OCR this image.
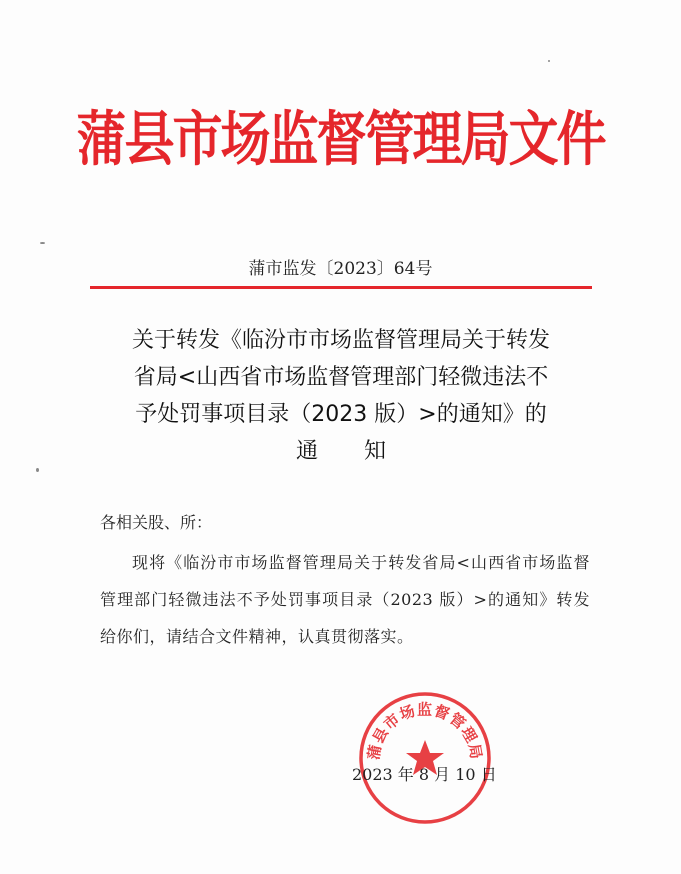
蒲县市场监督管理局文件
蒲市监发〔2023〕64号
关于转发《临汾市市场监督管理局关于转发
省局<山西省市场监督管理部门轻微违法不
予处罚事项目录（2023 版）>的通知》的
通知
各相关股、所：
现将《临汾市市场监督管理局关于转发省局<山西省市场监督管理部门轻微违法不予处罚事项目录（2023 版）>的通知》转发给你们，请结合文件精神，认真贯彻落实。
蒲县市场监督管理局
2023 年 8 月 10 日
